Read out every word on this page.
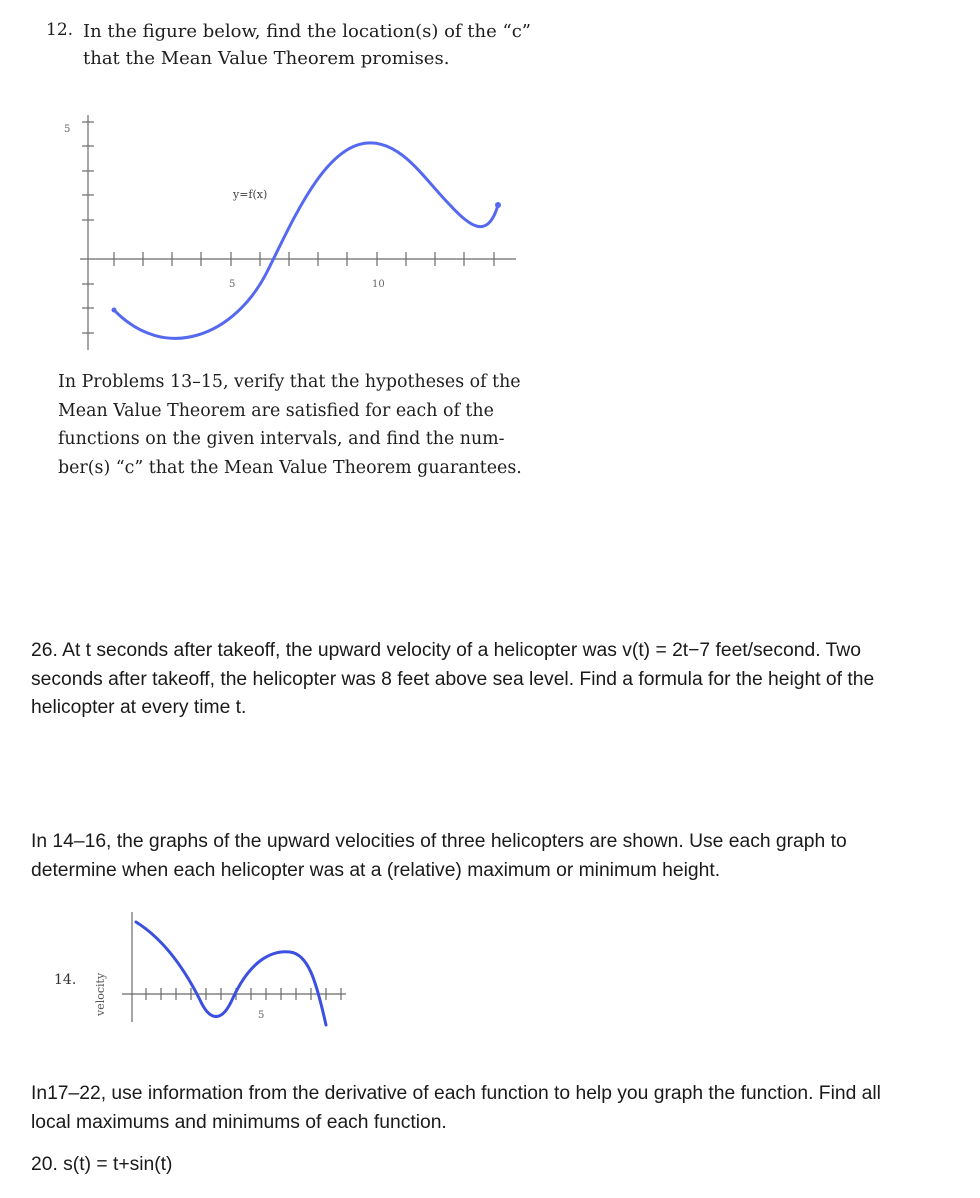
12. In the figure below, find the location(s) of the “c”
that the Mean Value Theorem promises.
5
5	10
y=f(x)
In Problems 13–15, verify that the hypotheses of the
Mean Value Theorem are satisfied for each of the
functions on the given intervals, and find the num-
ber(s) “c” that the Mean Value Theorem guarantees.
26. At t seconds after takeoff, the upward velocity of a helicopter was v(t) = 2t−7 feet/second. Two
seconds after takeoff, the helicopter was 8 feet above sea level. Find a formula for the height of the
helicopter at every time t.
In 14–16, the graphs of the upward velocities of three helicopters are shown. Use each graph to
determine when each helicopter was at a (relative) maximum or minimum height.
14. velocity	5
In17–22, use information from the derivative of each function to help you graph the function. Find all
local maximums and minimums of each function.
20. s(t) = t+sin(t)
